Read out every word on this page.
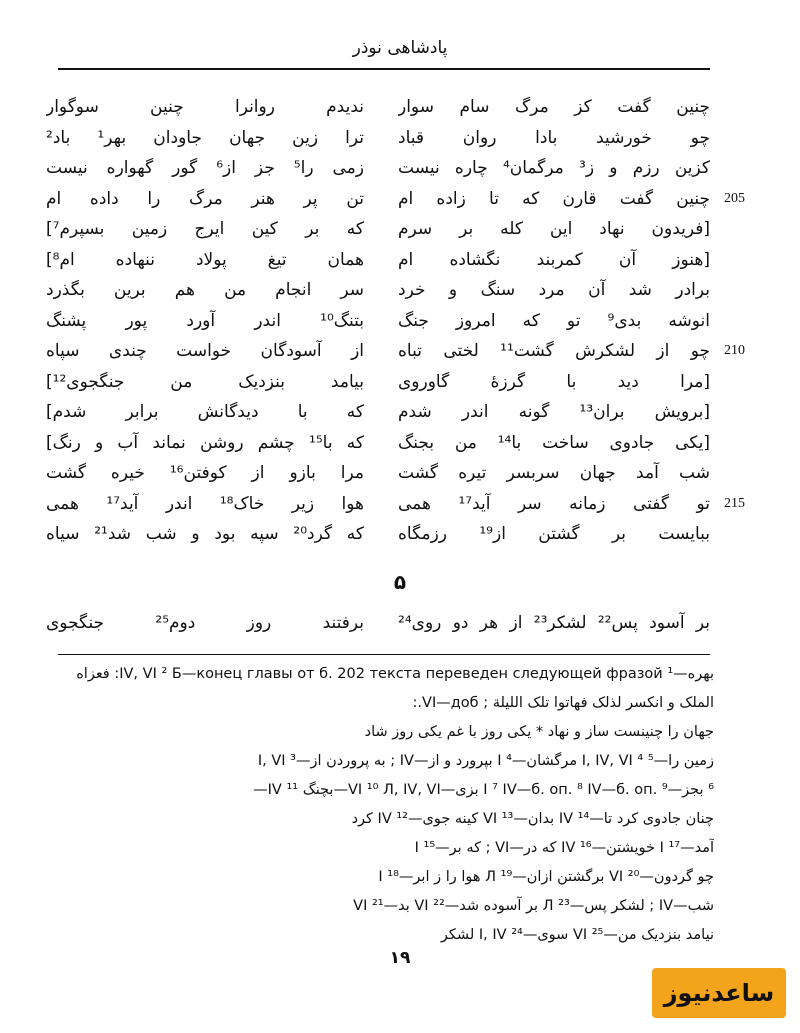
پادشاهی نوذر
چنین گفت کز مرگ سام سوار
ندیدم روانرا چنین سوگوار
چو خورشید بادا روان قباد
ترا زین جهان جاودان بهر¹ باد²
کزین رزم و ز³ مرگمان⁴ چاره نیست
زمی را⁵ جز از⁶ گور گهواره نیست
چنین گفت قارن که تا زاده ام
تن پر هنر مرگ را داده ام	205
[فریدون نهاد این کله بر سرم
که بر کین ایرج زمین بسپرم⁷]
[هنوز آن کمربند نگشاده ام
همان تیغ پولاد ننهاده ام⁸]
برادر شد آن مرد سنگ و خرد
سر انجام من هم برین بگذرد
انوشه بدی⁹ تو که امروز جنگ
بتنگ¹⁰ اندر آورد پور پشنگ
چو از لشکرش گشت¹¹ لختی تباه
از آسودگان خواست چندی سپاه	210
[مرا دید با گرزهٔ گاوروی
بیامد بنزدیک من جنگجوی¹²]
[برویش بران¹³ گونه اندر شدم
که با دیدگانش برابر شدم]
[یکی جادوی ساخت با¹⁴ من بجنگ
که با¹⁵ چشم روشن نماند آب و رنگ]
شب آمد جهان سربسر تیره گشت
مرا بازو از کوفتن¹⁶ خیره گشت
تو گفتی زمانه سر آید¹⁷ همی
هوا زیر خاک¹⁸ اندر آید¹⁷ همی	215
ببایست بر گشتن از¹⁹ رزمگاه
که گرد²⁰ سپه بود و شب شد²¹ سیاه
۵
بر آسود پس²² لشکر²³ از هر دو روی²⁴
برفتند روز دوم²⁵ جنگجوی
بهره—¹ IV, VI ² Б—конец главы от б. 202 текста переведен следующей фразой: فعزاه
الملک و انکسر لذلک فهاتوا تلک اللیلة ; VI—доб.:
جهان را چنینست ساز و نهاد * یکی روز با غم یکی روز شاد
زمین را—⁵ I, IV, VI ⁴ مرگشان—I ⁴ بپرورد و از—IV ; به پروردن از—³ I, VI
⁶ بجز—I ⁷ IV—б. оп. ⁸ IV—б. оп. ⁹ بزی—VI ¹⁰ Л, IV, VI—بچنگ ¹¹ IV—
چنان جادوی کرد تا—IV ¹⁴ بدان—VI ¹³ کینه جوی—IV ¹² کرد
آمد—I ¹⁷ خویشتن—IV ¹⁶ که در—VI ; که بر—I ¹⁵
چو گردون—VI ²⁰ برگشتن ازان—Л ¹⁹ هوا را ز ابر—I ¹⁸
شب—IV ; لشکر پس—Л ²³ بر آسوده شد—VI ²² بد—VI ²¹
نیامد بنزدیک من—VI ²⁵ سوی—I, IV ²⁴ لشکر
۱۹
ساعدنیوز
